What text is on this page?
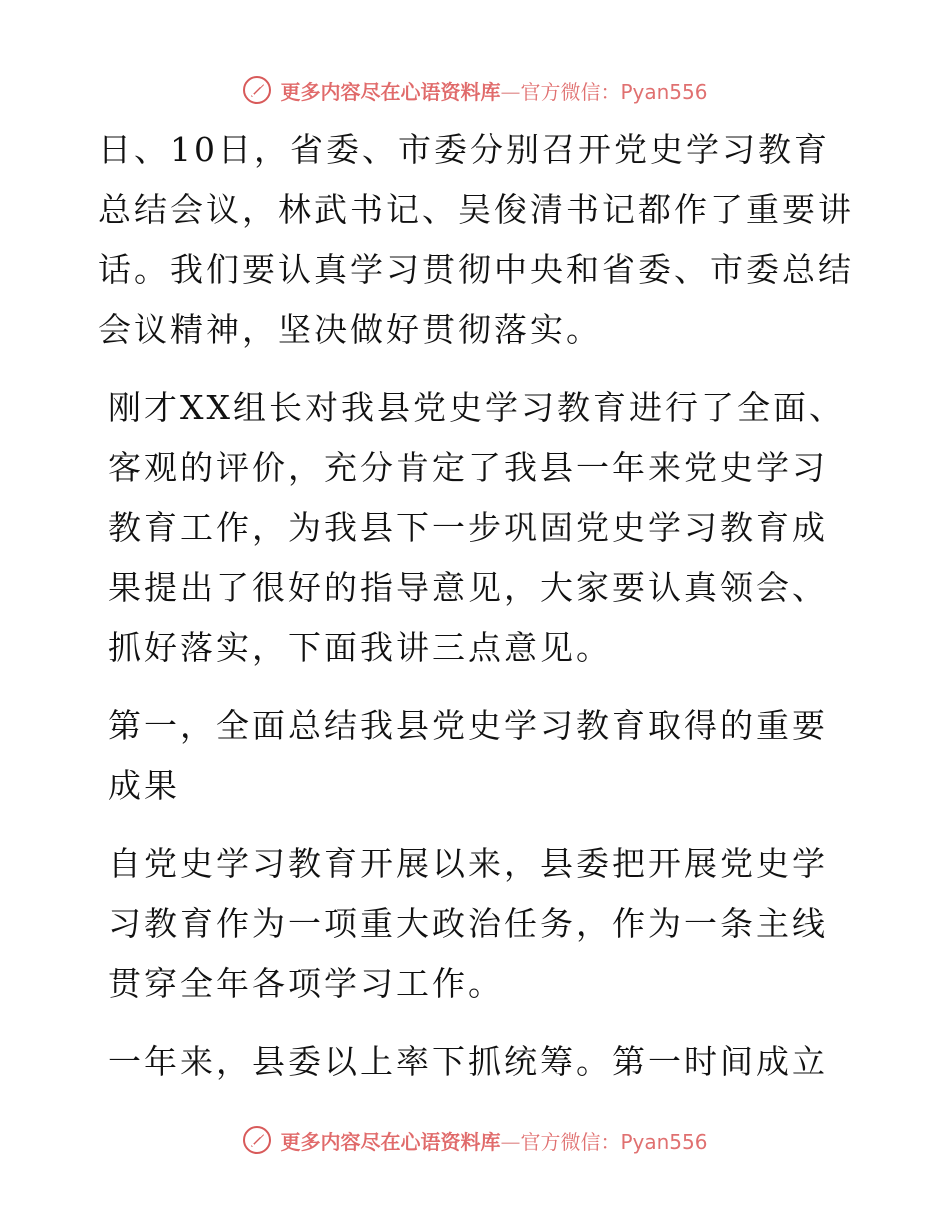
更多内容尽在心语资料库—官方微信：Pyan556

日、10日，省委、市委分别召开党史学习教育总结会议，林武书记、吴俊清书记都作了重要讲话。我们要认真学习贯彻中央和省委、市委总结会议精神，坚决做好贯彻落实。

刚才XX组长对我县党史学习教育进行了全面、客观的评价，充分肯定了我县一年来党史学习教育工作，为我县下一步巩固党史学习教育成果提出了很好的指导意见，大家要认真领会、抓好落实，下面我讲三点意见。

第一，全面总结我县党史学习教育取得的重要成果

自党史学习教育开展以来，县委把开展党史学习教育作为一项重大政治任务，作为一条主线贯穿全年各项学习工作。

一年来，县委以上率下抓统筹。第一时间成立

更多内容尽在心语资料库—官方微信：Pyan556
